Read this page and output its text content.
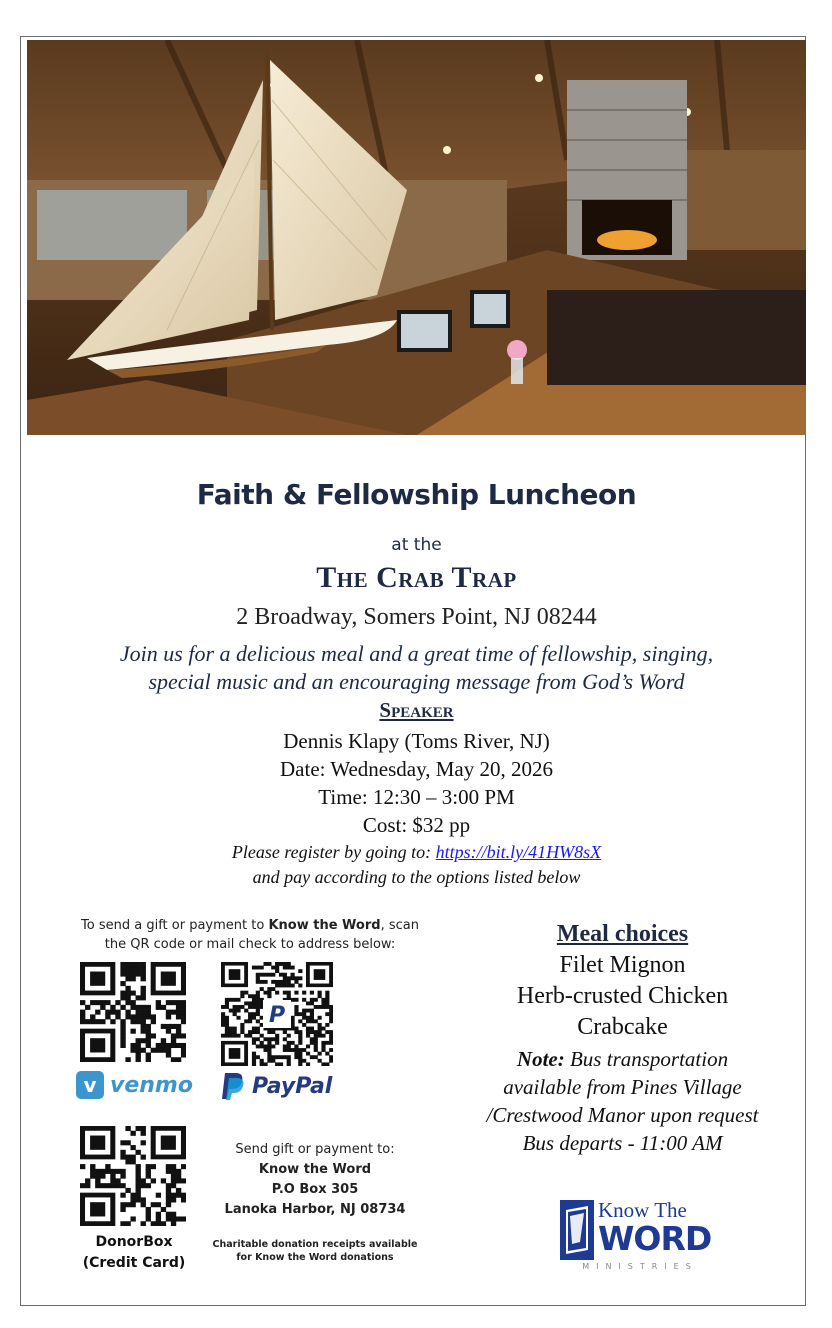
Faith & Fellowship Luncheon
at the
The Crab Trap
2 Broadway, Somers Point, NJ 08244
Join us for a delicious meal and a great time of fellowship, singing,
special music and an encouraging message from God’s Word
Speaker
Dennis Klapy (Toms River, NJ)
Date: Wednesday, May 20, 2026
Time: 12:30 – 3:00 PM
Cost: $32 pp
Please register by going to: https://bit.ly/41HW8sX
and pay according to the options listed below
To send a gift or payment to Know the Word, scan
the QR code or mail check to address below:
P
v venmo	PayPal
DonorBox
(Credit Card)
Send gift or payment to:
Know the Word
P.O Box 305
Lanoka Harbor, NJ 08734
Charitable donation receipts available
for Know the Word donations
Meal choices
Filet Mignon
Herb-crusted Chicken
Crabcake
Note: Bus transportation
available from Pines Village
/Crestwood Manor upon request
Bus departs - 11:00 AM
Know The
WORD
MINISTRIES
